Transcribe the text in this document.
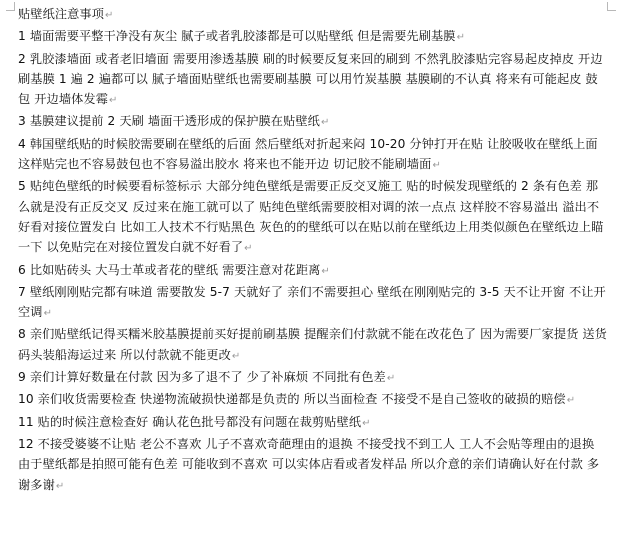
贴壁纸注意事项↵

1 墙面需要平整干净没有灰尘 腻子或者乳胶漆都是可以贴壁纸 但是需要先刷基膜↵

2 乳胶漆墙面 或者老旧墙面 需要用渗透基膜 刷的时候要反复来回的刷到 不然乳胶漆贴完容易起皮掉皮 开边 刷基膜 1 遍 2 遍都可以 腻子墙面贴壁纸也需要刷基膜 可以用竹炭基膜 基膜刷的不认真 将来有可能起皮 鼓包 开边墙体发霉↵

3 基膜建议提前 2 天刷 墙面干透形成的保护膜在贴壁纸↵

4 韩国壁纸贴的时候胶需要刷在壁纸的后面 然后壁纸对折起来闷 10-20 分钟打开在贴 让胶吸收在壁纸上面 这样贴完也不容易鼓包也不容易溢出胶水 将来也不能开边 切记胶不能刷墙面↵

5 贴纯色壁纸的时候要看标签标示 大部分纯色壁纸是需要正反交叉施工 贴的时候发现壁纸的 2 条有色差 那么就是没有正反交叉 反过来在施工就可以了 贴纯色壁纸需要胶相对调的浓一点点 这样胶不容易溢出 溢出不好看对接位置发白 比如工人技术不行贴黑色 灰色的的壁纸可以在贴以前在壁纸边上用类似颜色在壁纸边上瞄一下 以免贴完在对接位置发白就不好看了↵

6 比如贴砖头 大马士革或者花的壁纸 需要注意对花距离↵

7 壁纸刚刚贴完都有味道 需要散发 5-7 天就好了 亲们不需要担心 壁纸在刚刚贴完的 3-5 天不让开窗 不让开空调↵

8 亲们贴壁纸记得买糯米胶基膜提前买好提前刷基膜 提醒亲们付款就不能在改花色了 因为需要厂家提货 送货码头装船海运过来 所以付款就不能更改↵

9 亲们计算好数量在付款 因为多了退不了 少了补麻烦 不同批有色差↵

10 亲们收货需要检查 快递物流破损快递都是负责的 所以当面检查 不接受不是自己签收的破损的赔偿↵

11 贴的时候注意检查好 确认花色批号都没有问题在裁剪贴壁纸↵

12 不接受婆婆不让贴 老公不喜欢 儿子不喜欢奇葩理由的退换 不接受找不到工人 工人不会贴等理由的退换 由于壁纸都是拍照可能有色差 可能收到不喜欢 可以实体店看或者发样品 所以介意的亲们请确认好在付款 多谢多谢↵
